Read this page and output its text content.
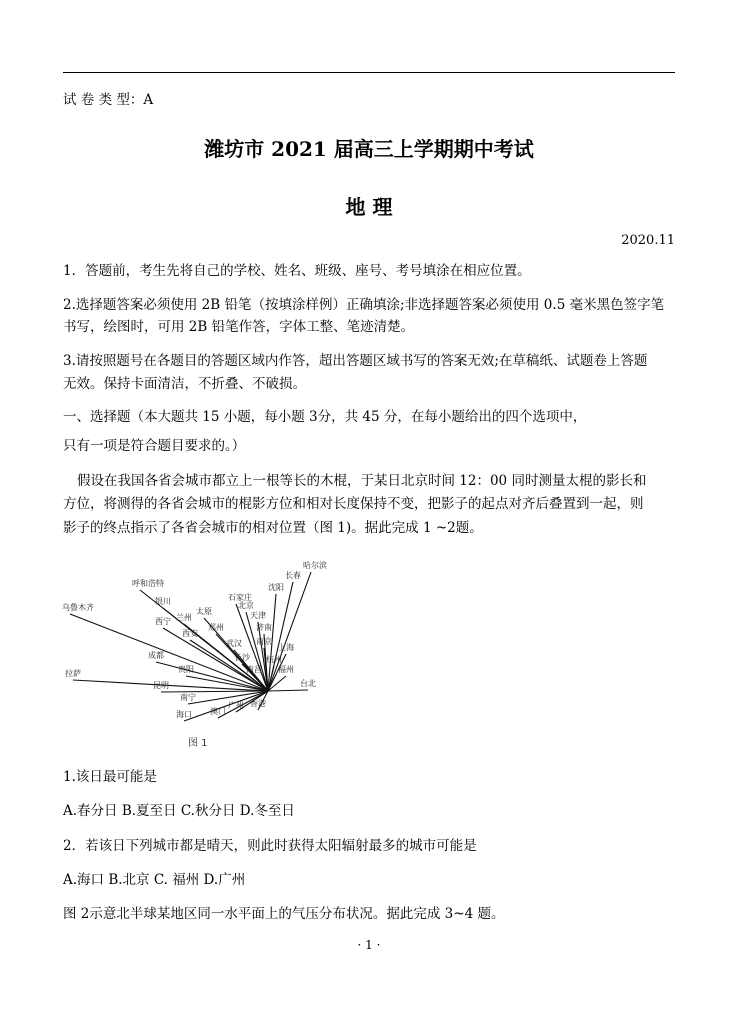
试 卷 类 型：A
潍坊市 2021 届高三上学期期中考试
地 理
2020.11
1．答题前，考生先将自己的学校、姓名、班级、座号、考号填涂在相应位置。
2.选择题答案必须使用 2B 铅笔（按填涂样例）正确填涂;非选择题答案必须使用 0.5 毫米黑色签字笔
书写，绘图时，可用 2B 铅笔作答，字体工整、笔迹清楚。
3.请按照题号在各题目的答题区域内作答，超出答题区域书写的答案无效;在草稿纸、试题卷上答题
无效。保持卡面清洁，不折叠、不破损。
一、选择题（本大题共 15 小题，每小题 3分，共 45 分，在每小题给出的四个选项中，
只有一项是符合题目要求的。）
假设在我国各省会城市都立上一根等长的木棍，于某日北京时间 12：00 同时测量太棍的影长和
方位，将测得的各省会城市的棍影方位和相对长度保持不变，把影子的起点对齐后叠置到一起，则
影子的终点指示了各省会城市的相对位置（图 1)。据此完成 1 ~2题。
乌鲁木齐
呼和浩特
银川
西宁 兰州
太原
西安
郑州
成都
拉萨	贵阳
昆明
南宁
海口
石家庄
北京
天津
济南
沈阳
长春
哈尔滨
武汉 南京
上海
长沙 杭州
南昌 福州
台北
广州 香港
澳门
图 1
1.该日最可能是
A.春分日 B.夏至日 C.秋分日 D.冬至日
2．若该日下列城市都是晴天，则此时获得太阳辐射最多的城市可能是
A.海口 B.北京 C. 福州 D.广州
图 2示意北半球某地区同一水平面上的气压分布状况。据此完成 3~4 题。
· 1 ·
